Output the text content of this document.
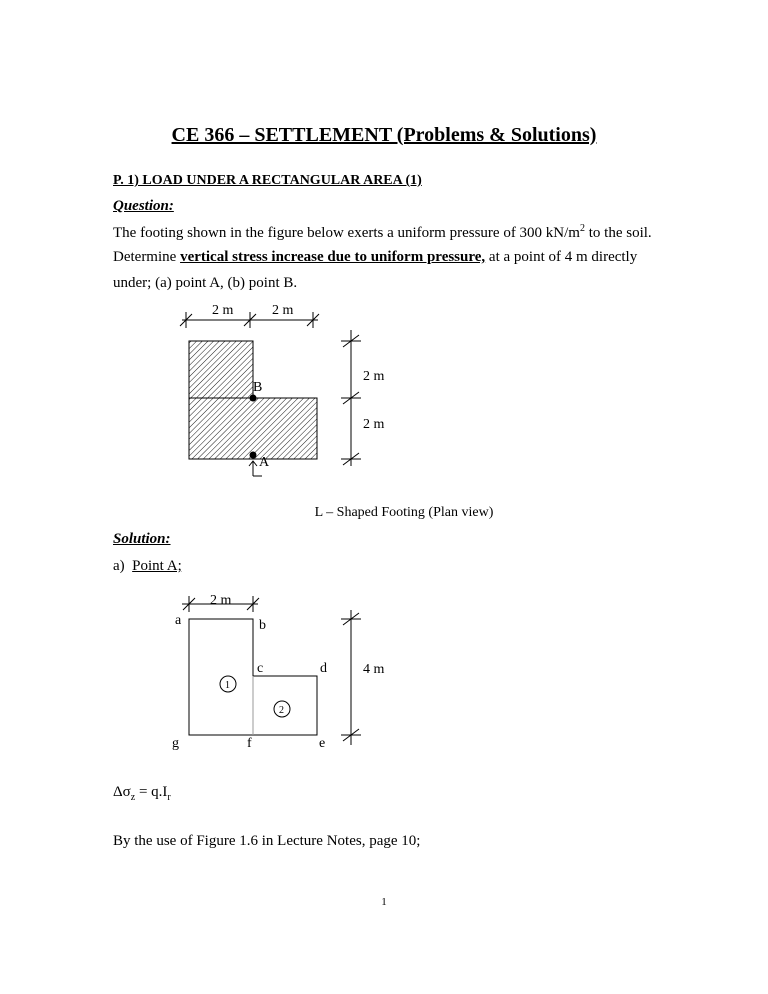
CE 366 – SETTLEMENT (Problems & Solutions)
P. 1) LOAD UNDER A RECTANGULAR AREA (1)
Question:
The footing shown in the figure below exerts a uniform pressure of 300 $kN/m^2$ to the soil.
Determine vertical stress increase due to uniform pressure, at a point of 4 m directly
under; (a) point A, (b) point B.
2 m	2 m
B
A
2 m
2 m
2 m
a	b
c	d
g	f	e
1
2
4 m
L – Shaped Footing (Plan view)
Solution:
a)  Point A;
$\Delta\sigma_z = q.I_r$
By the use of Figure 1.6 in Lecture Notes, page 10;
1
